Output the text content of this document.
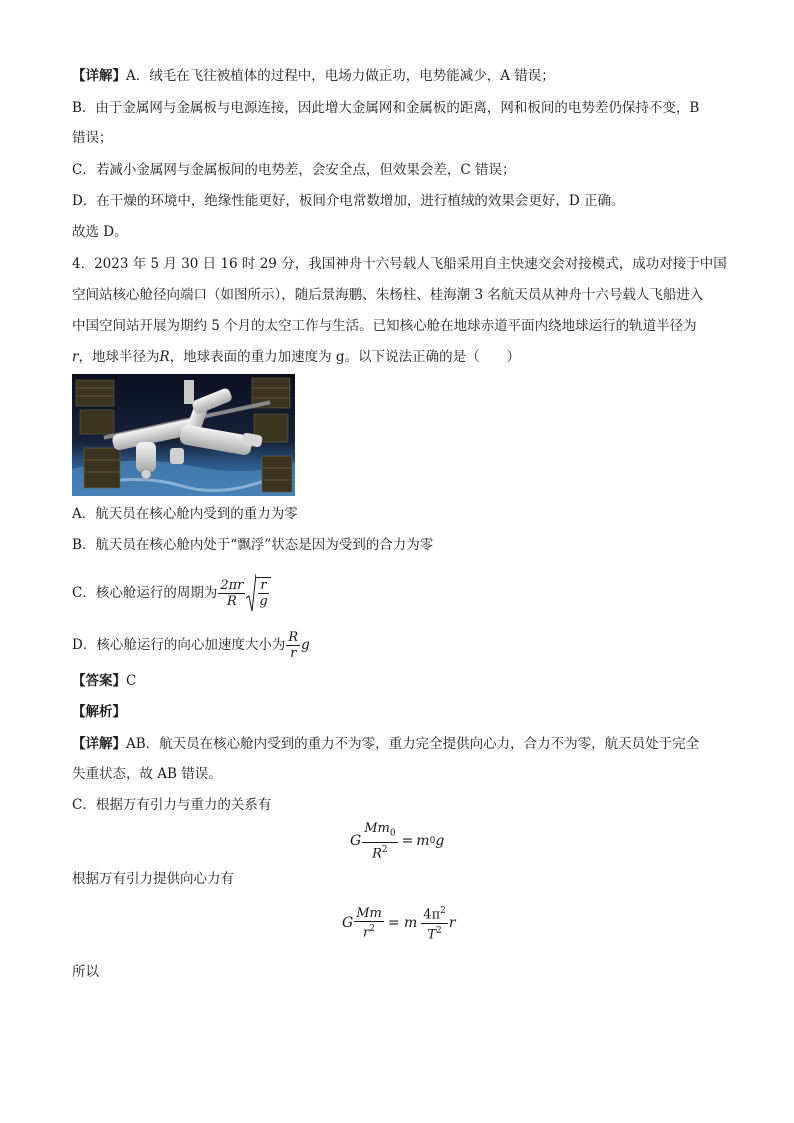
【详解】A．绒毛在飞往被植体的过程中，电场力做正功，电势能减少，A 错误；
B．由于金属网与金属板与电源连接，因此增大金属网和金属板的距离，网和板间的电势差仍保持不变，B
错误；
C．若减小金属网与金属板间的电势差，会安全点，但效果会差，C 错误；
D．在干燥的环境中，绝缘性能更好，板间介电常数增加，进行植绒的效果会更好，D 正确。
故选 D。
4．2023 年 5 月 30 日 16 时 29 分，我国神舟十六号载人飞船采用自主快速交会对接模式，成功对接于中国
空间站核心舱径向端口（如图所示），随后景海鹏、朱杨柱、桂海潮 3 名航天员从神舟十六号载人飞船进入
中国空间站开展为期约 5 个月的太空工作与生活。已知核心舱在地球赤道平面内绕地球运行的轨道半径为
r，地球半径为R，地球表面的重力加速度为 g。以下说法正确的是（　　）
A．航天员在核心舱内受到的重力为零
B．航天员在核心舱内处于“飘浮”状态是因为受到的合力为零
C．核心舱运行的周期为 $\frac{2\pi r}{R}$ r
g
D．核心舱运行的向心加速度大小为 $\frac{R}{r}$ g
【答案】C
【解析】
【详解】AB．航天员在核心舱内受到的重力不为零，重力完全提供向心力，合力不为零，航天员处于完全
失重状态，故 AB 错误。
C．根据万有引力与重力的关系有
G $\frac{Mm_0}{R^2} = m$ 0 g
根据万有引力提供向心力有
G $\frac{Mm}{r^2} = m \frac{4\pi^2}{T^2}$ r
所以
